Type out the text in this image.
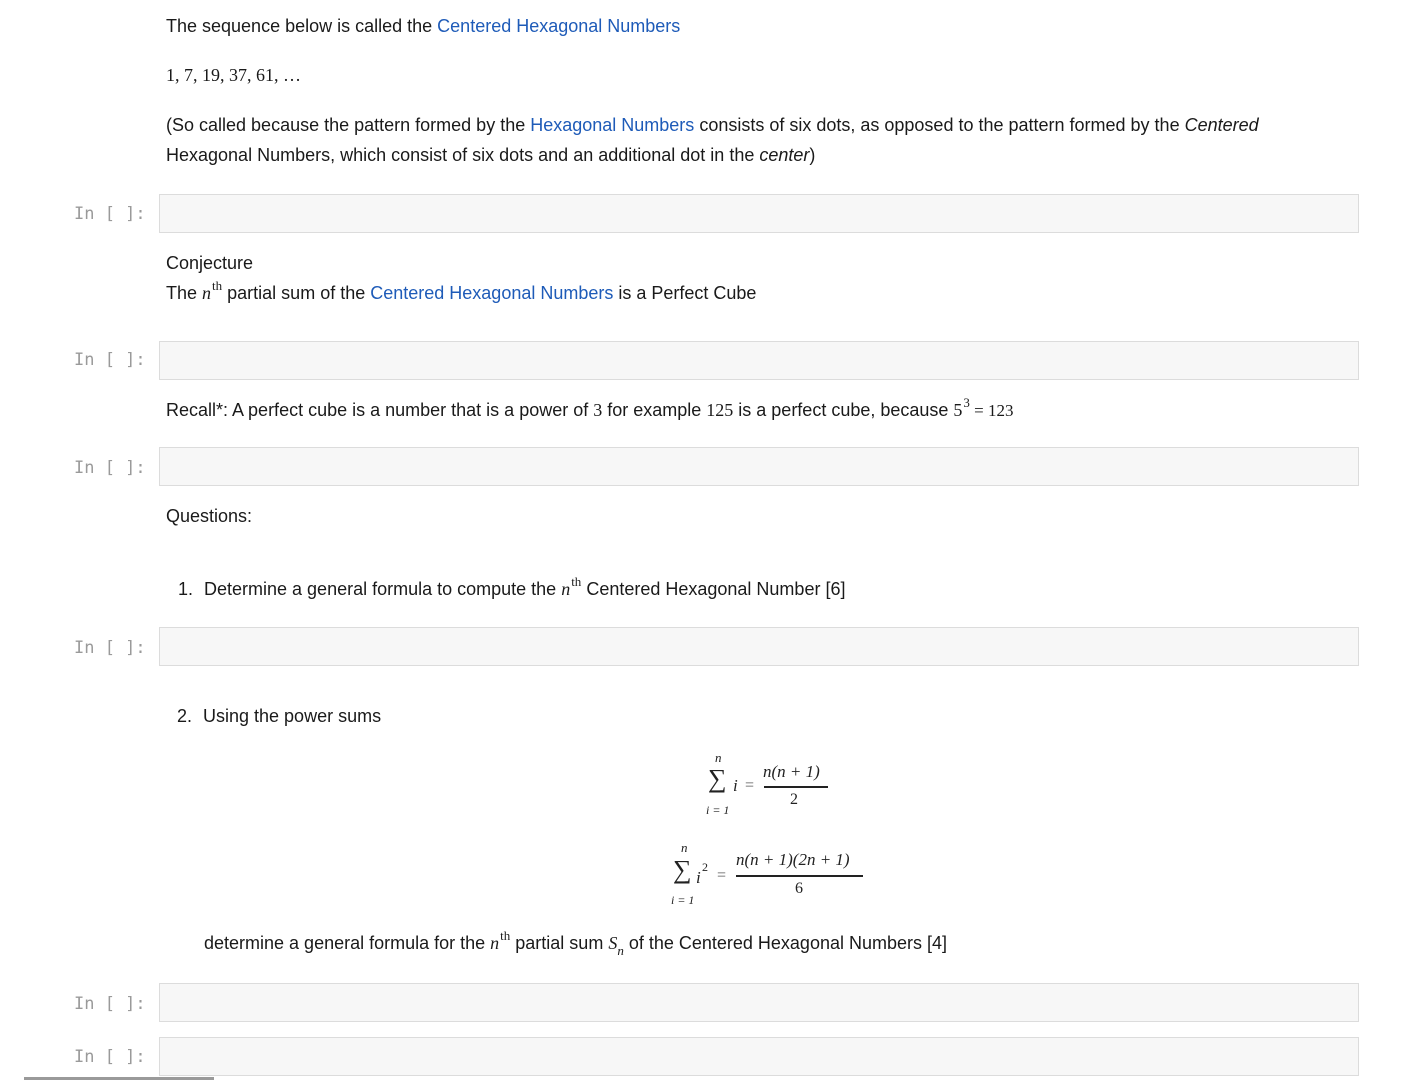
The sequence below is called the Centered Hexagonal Numbers
1, 7, 19, 37, 61, …
(So called because the pattern formed by the Hexagonal Numbers consists of six dots, as opposed to the pattern formed by the Centered
Hexagonal Numbers, which consist of six dots and an additional dot in the center)
In [ ]:
Conjecture
The $n^{th}$ partial sum of the Centered Hexagonal Numbers is a Perfect Cube
In [ ]:
Recall*: A perfect cube is a number that is a power of 3 for example 125 is a perfect cube, because $5^3 = 123$
In [ ]:
Questions:
1. Determine a general formula to compute the $n^{th}$ Centered Hexagonal Number [6]
In [ ]:
2. Using the power sums
n
∑ i =
i = 1
n(n + 1)
2
n
∑ i
2 =
i = 1
n(n + 1)(2n + 1)
6
determine a general formula for the $n^{th}$ partial sum $S_n$ of the Centered Hexagonal Numbers [4]
In [ ]:
In [ ]:
